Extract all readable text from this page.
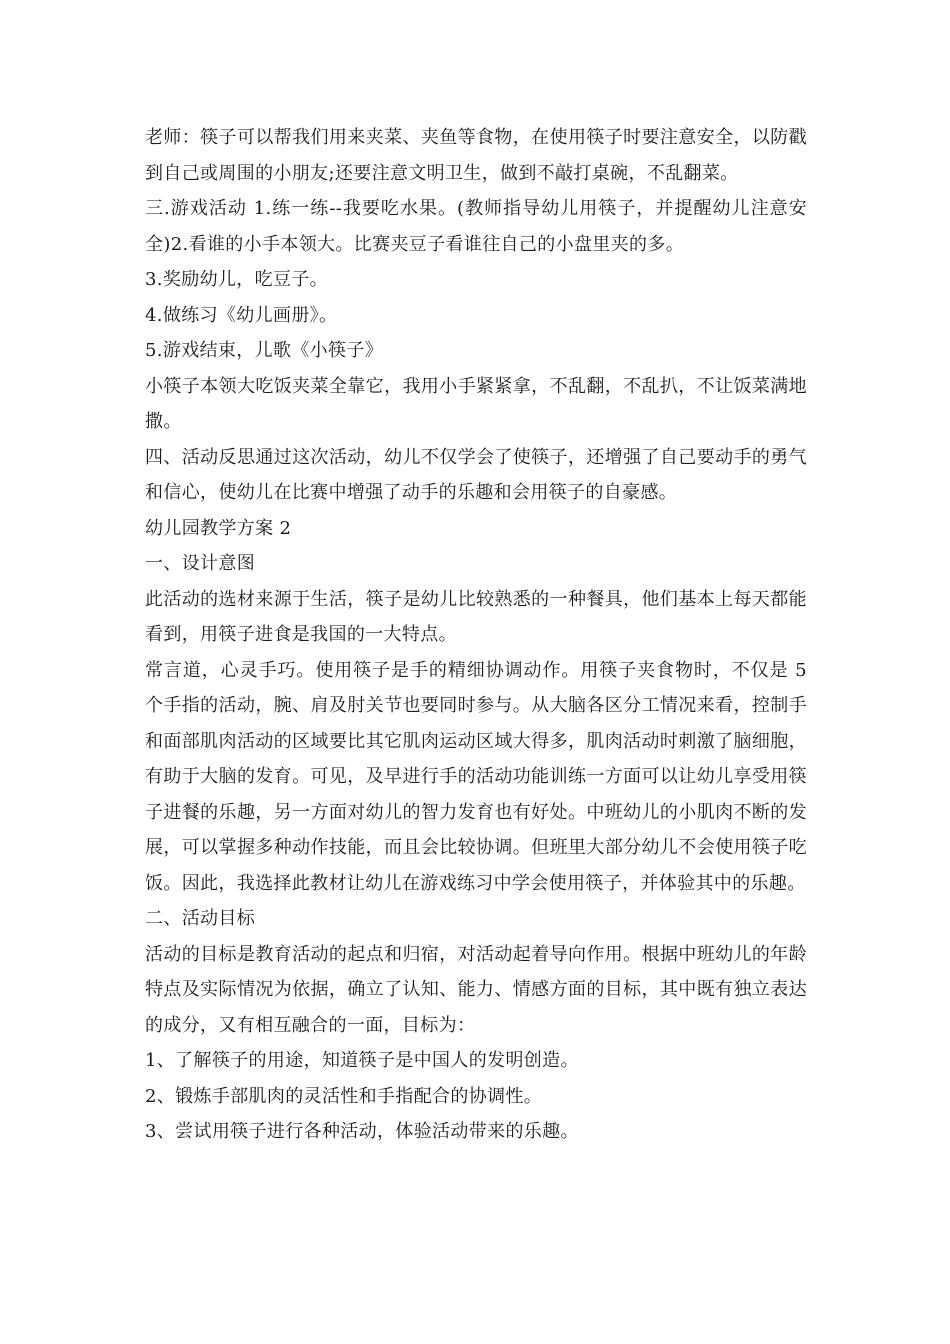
老师：筷子可以帮我们用来夹菜、夹鱼等食物，在使用筷子时要注意安全，以防戳到自己或周围的小朋友;还要注意文明卫生，做到不敲打桌碗，不乱翻菜。

三.游戏活动 1.练一练--我要吃水果。(教师指导幼儿用筷子，并提醒幼儿注意安全)2.看谁的小手本领大。比赛夹豆子看谁往自己的小盘里夹的多。

3.奖励幼儿，吃豆子。

4.做练习《幼儿画册》。

5.游戏结束，儿歌《小筷子》

小筷子本领大吃饭夹菜全靠它，我用小手紧紧拿，不乱翻，不乱扒，不让饭菜满地撒。

四、活动反思通过这次活动，幼儿不仅学会了使筷子，还增强了自己要动手的勇气和信心，使幼儿在比赛中增强了动手的乐趣和会用筷子的自豪感。

幼儿园教学方案 2

一、设计意图

此活动的选材来源于生活，筷子是幼儿比较熟悉的一种餐具，他们基本上每天都能看到，用筷子进食是我国的一大特点。

常言道，心灵手巧。使用筷子是手的精细协调动作。用筷子夹食物时，不仅是 5 个手指的活动，腕、肩及肘关节也要同时参与。从大脑各区分工情况来看，控制手和面部肌肉活动的区域要比其它肌肉运动区域大得多，肌肉活动时刺激了脑细胞，有助于大脑的发育。可见，及早进行手的活动功能训练一方面可以让幼儿享受用筷子进餐的乐趣，另一方面对幼儿的智力发育也有好处。中班幼儿的小肌肉不断的发展，可以掌握多种动作技能，而且会比较协调。但班里大部分幼儿不会使用筷子吃饭。因此，我选择此教材让幼儿在游戏练习中学会使用筷子，并体验其中的乐趣。

二、活动目标

活动的目标是教育活动的起点和归宿，对活动起着导向作用。根据中班幼儿的年龄特点及实际情况为依据，确立了认知、能力、情感方面的目标，其中既有独立表达的成分，又有相互融合的一面，目标为：

1、了解筷子的用途，知道筷子是中国人的发明创造。

2、锻炼手部肌肉的灵活性和手指配合的协调性。

3、尝试用筷子进行各种活动，体验活动带来的乐趣。
